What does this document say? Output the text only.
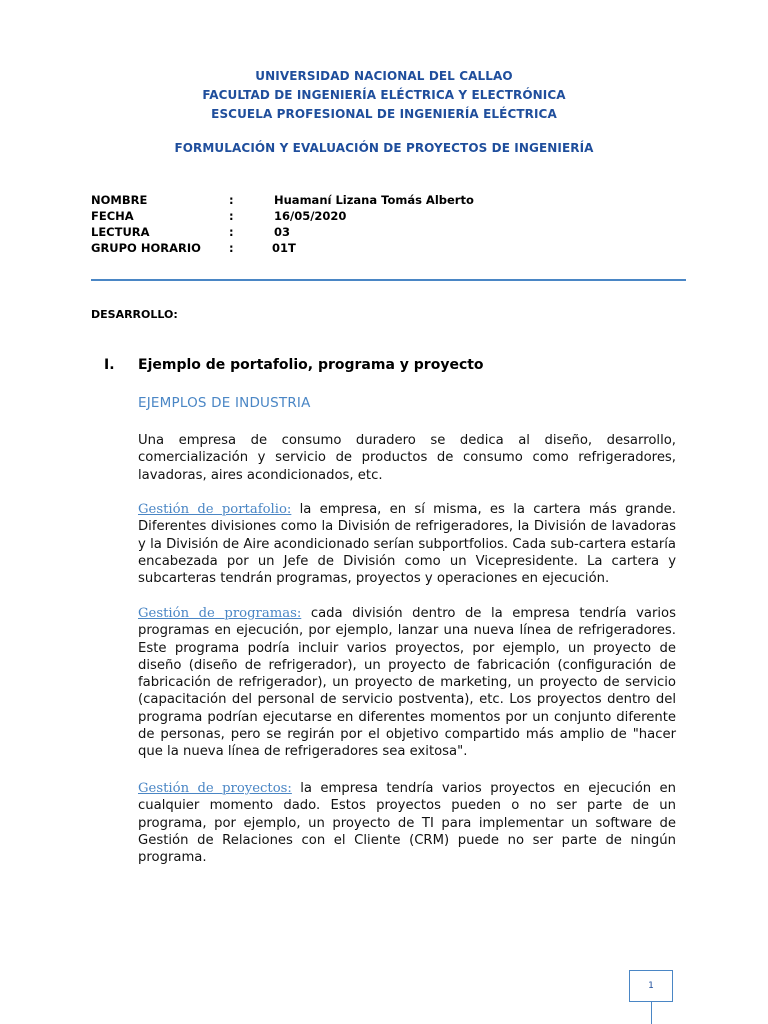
UNIVERSIDAD NACIONAL DEL CALLAO
FACULTAD DE INGENIERÍA ELÉCTRICA Y ELECTRÓNICA
ESCUELA PROFESIONAL DE INGENIERÍA ELÉCTRICA
FORMULACIÓN Y EVALUACIÓN DE PROYECTOS DE INGENIERÍA
NOMBRE	:	Huamaní Lizana Tomás Alberto
FECHA	:	16/05/2020
LECTURA	:	03
GRUPO HORARIO :	01T
DESARROLLO:
I. Ejemplo de portafolio, programa y proyecto
EJEMPLOS DE INDUSTRIA
Una empresa de consumo duradero se dedica al diseño, desarrollo, comercialización y servicio de productos de consumo como refrigeradores, lavadoras, aires acondicionados, etc.
Gestión de portafolio: la empresa, en sí misma, es la cartera más grande. Diferentes divisiones como la División de refrigeradores, la División de lavadoras y la División de Aire acondicionado serían subportfolios. Cada sub-cartera estaría encabezada por un Jefe de División como un Vicepresidente. La cartera y subcarteras tendrán programas, proyectos y operaciones en ejecución.
Gestión de programas: cada división dentro de la empresa tendría varios programas en ejecución, por ejemplo, lanzar una nueva línea de refrigeradores. Este programa podría incluir varios proyectos, por ejemplo, un proyecto de diseño (diseño de refrigerador), un proyecto de fabricación (configuración de fabricación de refrigerador), un proyecto de marketing, un proyecto de servicio (capacitación del personal de servicio postventa), etc. Los proyectos dentro del programa podrían ejecutarse en diferentes momentos por un conjunto diferente de personas, pero se regirán por el objetivo compartido más amplio de "hacer que la nueva línea de refrigeradores sea exitosa".
Gestión de proyectos: la empresa tendría varios proyectos en ejecución en cualquier momento dado. Estos proyectos pueden o no ser parte de un programa, por ejemplo, un proyecto de TI para implementar un software de Gestión de Relaciones con el Cliente (CRM) puede no ser parte de ningún programa.
1
